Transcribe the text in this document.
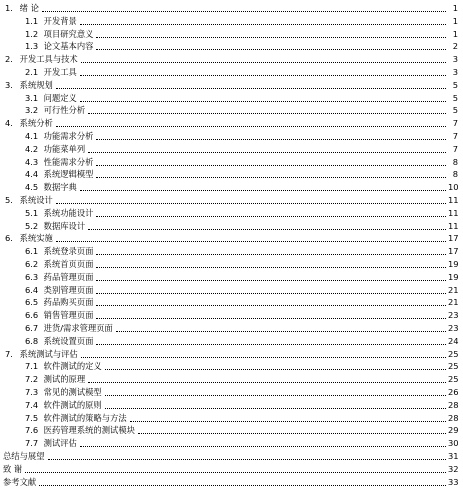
1. 绪 论	1
1.1 开发背景	1
1.2 项目研究意义	1
1.3 论文基本内容	2
2. 开发工具与技术	3
2.1 开发工具	3
3. 系统规划	5
3.1 问题定义	5
3.2 可行性分析	5
4. 系统分析	7
4.1 功能需求分析	7
4.2 功能菜单列	7
4.3 性能需求分析	8
4.4 系统逻辑模型	8
4.5 数据字典	10
5. 系统设计	11
5.1 系统功能设计	11
5.2 数据库设计	11
6. 系统实施	17
6.1 系统登录页面	17
6.2 系统首页页面	19
6.3 药品管理页面	19
6.4 类别管理页面	21
6.5 药品购买页面	21
6.6 销售管理页面	23
6.7 进货/需求管理页面	23
6.8 系统设置页面	24
7. 系统测试与评估	25
7.1 软件测试的定义	25
7.2 测试的原理	25
7.3 常见的测试模型	26
7.4 软件测试的原则	28
7.5 软件测试的策略与方法	28
7.6 医药管理系统的测试模块	29
7.7 测试评估	30
总结与展望	31
致 谢	32
参考文献	33
